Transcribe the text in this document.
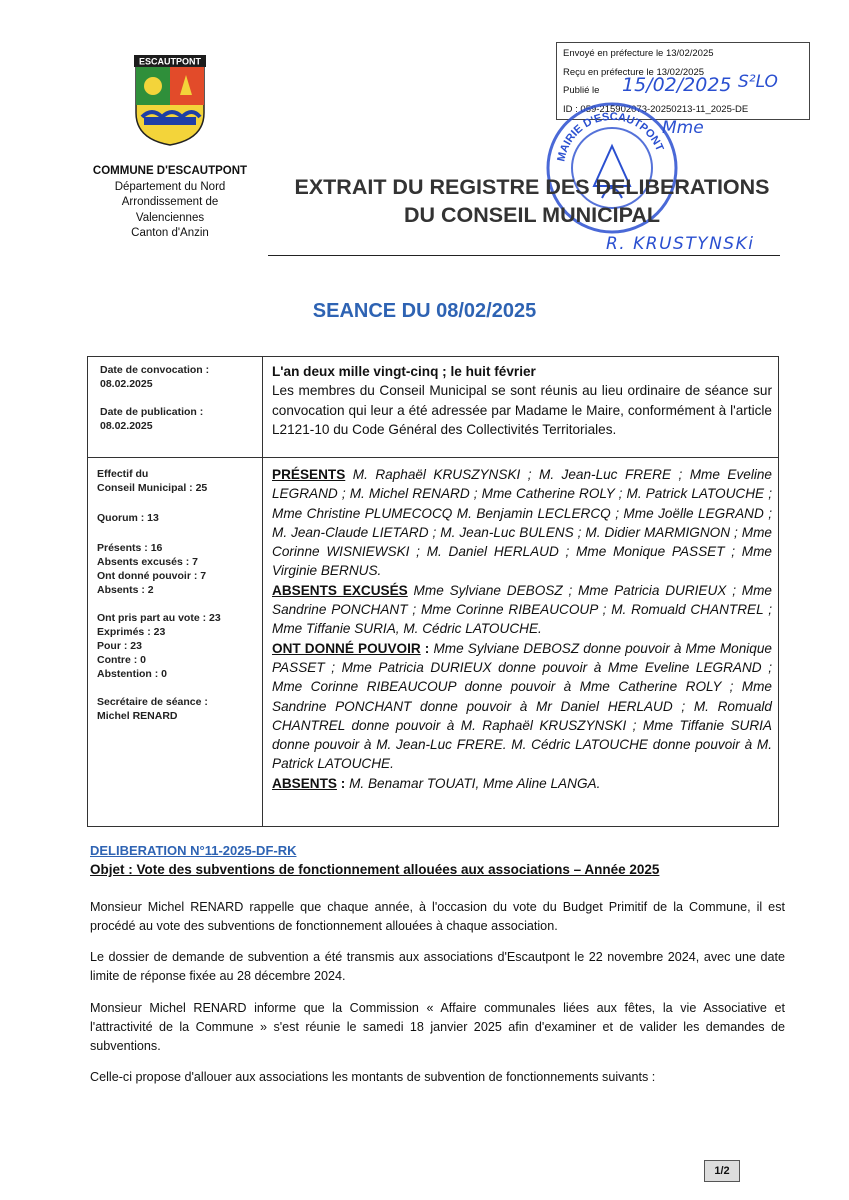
ESCAUTPONT
COMMUNE D'ESCAUTPONT
Département du Nord
Arrondissement de
Valenciennes
Canton d'Anzin
Envoyé en préfecture le 13/02/2025
Reçu en préfecture le 13/02/2025
Publié le
ID : 059-215902073-20250213-11_2025-DE
15/02/2025 S²LO
MAIRIE D'ESCAUTPONT
Mme
R. KRUSTYNSKi
EXTRAIT DU REGISTRE DES DELIBERATIONS
DU CONSEIL MUNICIPAL
SEANCE DU 08/02/2025
Date de convocation :
08.02.2025
Date de publication :
08.02.2025
Effectif du
Conseil Municipal : 25
Quorum : 13
Présents : 16
Absents excusés : 7
Ont donné pouvoir : 7
Absents : 2
Ont pris part au vote : 23
Exprimés : 23
Pour : 23
Contre : 0
Abstention : 0
Secrétaire de séance :
Michel RENARD
L'an deux mille vingt-cinq ; le huit février
Les membres du Conseil Municipal se sont réunis au lieu ordinaire de séance sur convocation qui leur a été adressée par Madame le Maire, conformément à l'article L2121-10 du Code Général des Collectivités Territoriales.
PRÉSENTS M. Raphaël KRUSZYNSKI ; M. Jean-Luc FRERE ; Mme Eveline LEGRAND ; M. Michel RENARD ; Mme Catherine ROLY ; M. Patrick LATOUCHE ; Mme Christine PLUMECOCQ M. Benjamin LECLERCQ ; Mme Joëlle LEGRAND ; M. Jean-Claude LIETARD ; M. Jean-Luc BULENS ; M. Didier MARMIGNON ; Mme Corinne WISNIEWSKI ; M. Daniel HERLAUD ; Mme Monique PASSET ; Mme Virginie BERNUS.
ABSENTS EXCUSÉS Mme Sylviane DEBOSZ ; Mme Patricia DURIEUX ; Mme Sandrine PONCHANT ; Mme Corinne RIBEAUCOUP ; M. Romuald CHANTREL ; Mme Tiffanie SURIA, M. Cédric LATOUCHE.
ONT DONNÉ POUVOIR : Mme Sylviane DEBOSZ donne pouvoir à Mme Monique PASSET ; Mme Patricia DURIEUX donne pouvoir à Mme Eveline LEGRAND ; Mme Corinne RIBEAUCOUP donne pouvoir à Mme Catherine ROLY ; Mme Sandrine PONCHANT donne pouvoir à Mr Daniel HERLAUD ; M. Romuald CHANTREL donne pouvoir à M. Raphaël KRUSZYNSKI ; Mme Tiffanie SURIA donne pouvoir à M. Jean-Luc FRERE. M. Cédric LATOUCHE donne pouvoir à M. Patrick LATOUCHE.
ABSENTS : M. Benamar TOUATI, Mme Aline LANGA.
DELIBERATION N°11-2025-DF-RK
Objet : Vote des subventions de fonctionnement allouées aux associations – Année 2025
Monsieur Michel RENARD rappelle que chaque année, à l'occasion du vote du Budget Primitif de la Commune, il est procédé au vote des subventions de fonctionnement allouées à chaque association.
Le dossier de demande de subvention a été transmis aux associations d'Escautpont le 22 novembre 2024, avec une date limite de réponse fixée au 28 décembre 2024.
Monsieur Michel RENARD informe que la Commission « Affaire communales liées aux fêtes, la vie Associative et l'attractivité de la Commune » s'est réunie le samedi 18 janvier 2025 afin d'examiner et de valider les demandes de subventions.
Celle-ci propose d'allouer aux associations les montants de subvention de fonctionnements suivants :
1/2
